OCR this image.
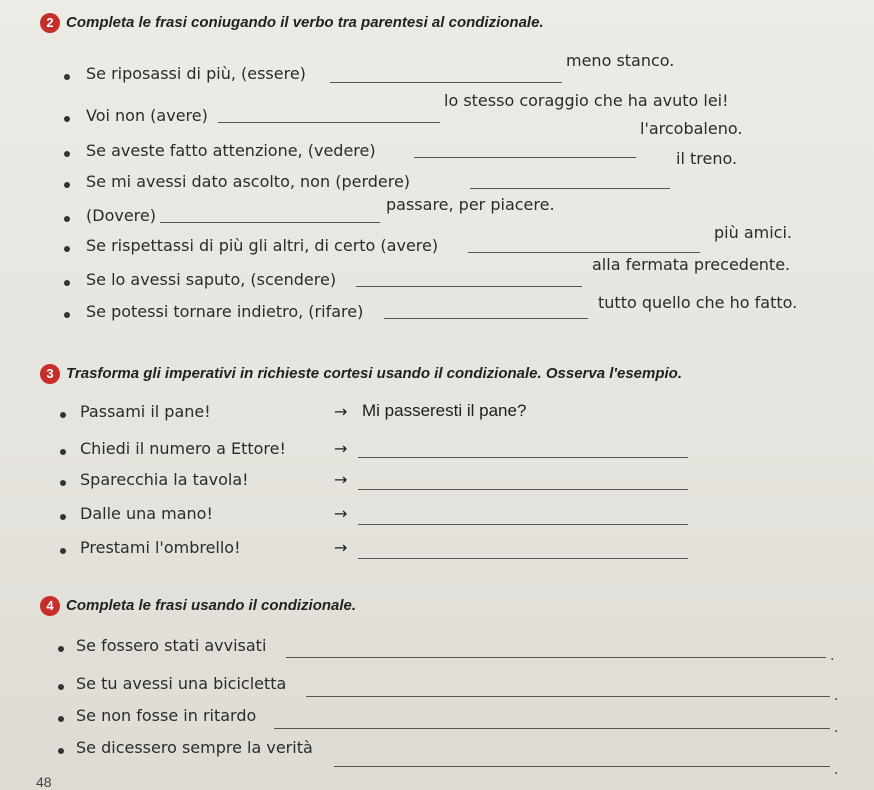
2 Completa le frasi coniugando il verbo tra parentesi al condizionale.
Se riposassi di più, (essere)
meno stanco.
Voi non (avere)
lo stesso coraggio che ha avuto lei!
Se aveste fatto attenzione, (vedere)
l'arcobaleno.
Se mi avessi dato ascolto, non (perdere)
il treno.
(Dovere)
passare, per piacere.
Se rispettassi di più gli altri, di certo (avere)
più amici.
Se lo avessi saputo, (scendere)
alla fermata precedente.
Se potessi tornare indietro, (rifare)	tutto quello che ho fatto.
3 Trasforma gli imperativi in richieste cortesi usando il condizionale. Osserva l'esempio.
Passami il pane!	→ Mi passeresti il pane?
Chiedi il numero a Ettore!	→
Sparecchia la tavola!	→
Dalle una mano!	→
Prestami l'ombrello!	→
4 Completa le frasi usando il condizionale.
Se fossero stati avvisati
.
Se tu avessi una bicicletta
.
Se non fosse in ritardo
.
Se dicessero sempre la verità
.
48
